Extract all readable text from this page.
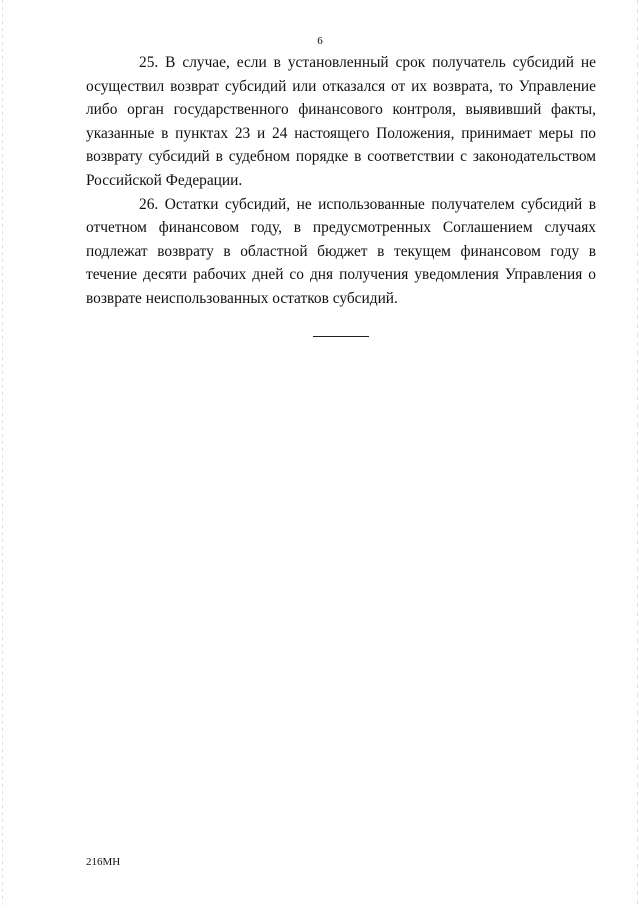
6

25. В случае, если в установленный срок получатель субсидий не осуществил возврат субсидий или отказался от их возврата, то Управление либо орган государственного финансового контроля, выявивший факты, указанные в пунктах 23 и 24 настоящего Положения, принимает меры по возврату субсидий в судебном порядке в соответствии с законодательством Российской Федерации.

26. Остатки субсидий, не использованные получателем субсидий в отчетном финансовом году, в предусмотренных Соглашением случаях подлежат возврату в областной бюджет в текущем финансовом году в течение десяти рабочих дней со дня получения уведомления Управления о возврате неиспользованных остатков субсидий.

216МН
